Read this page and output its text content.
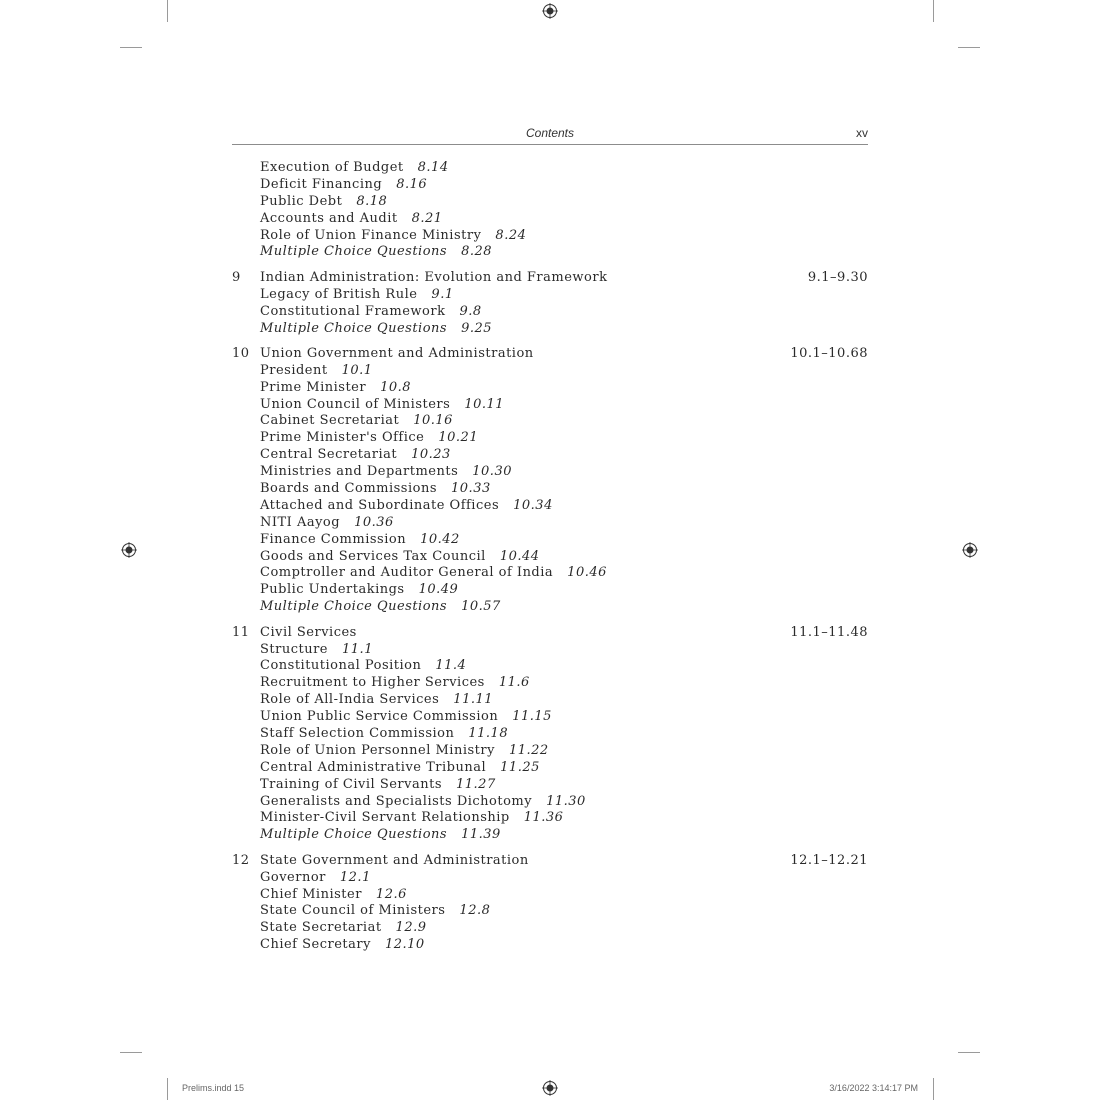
Contents	xv
Execution of Budget 8.14
Deficit Financing 8.16
Public Debt 8.18
Accounts and Audit 8.21
Role of Union Finance Ministry 8.24
Multiple Choice Questions 8.28
9 Indian Administration: Evolution and Framework	9.1–9.30
Legacy of British Rule 9.1
Constitutional Framework 9.8
Multiple Choice Questions 9.25
10 Union Government and Administration	10.1–10.68
President 10.1
Prime Minister 10.8
Union Council of Ministers 10.11
Cabinet Secretariat 10.16
Prime Minister's Office 10.21
Central Secretariat 10.23
Ministries and Departments 10.30
Boards and Commissions 10.33
Attached and Subordinate Offices 10.34
NITI Aayog 10.36
Finance Commission 10.42
Goods and Services Tax Council 10.44
Comptroller and Auditor General of India 10.46
Public Undertakings 10.49
Multiple Choice Questions 10.57
11 Civil Services	11.1–11.48
Structure 11.1
Constitutional Position 11.4
Recruitment to Higher Services 11.6
Role of All-India Services 11.11
Union Public Service Commission 11.15
Staff Selection Commission 11.18
Role of Union Personnel Ministry 11.22
Central Administrative Tribunal 11.25
Training of Civil Servants 11.27
Generalists and Specialists Dichotomy 11.30
Minister-Civil Servant Relationship 11.36
Multiple Choice Questions 11.39
12 State Government and Administration	12.1–12.21
Governor 12.1
Chief Minister 12.6
State Council of Ministers 12.8
State Secretariat 12.9
Chief Secretary 12.10
Prelims.indd 15	3/16/2022 3:14:17 PM
